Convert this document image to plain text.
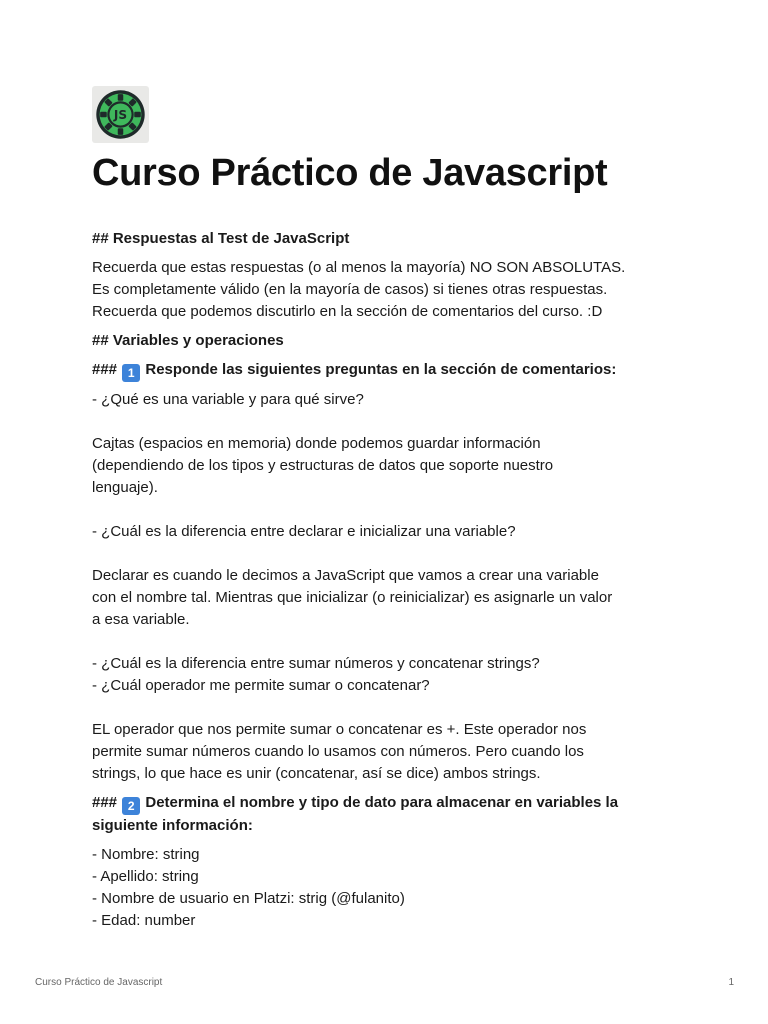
JS
Curso Práctico de Javascript

## Respuestas al Test de JavaScript

Recuerda que estas respuestas (o al menos la mayoría) NO SON ABSOLUTAS.

Es completamente válido (en la mayoría de casos) si tienes otras respuestas.

Recuerda que podemos discutirlo en la sección de comentarios del curso. :D

## Variables y operaciones

### 1 Responde las siguientes preguntas en la sección de comentarios:

- ¿Qué es una variable y para qué sirve?

Cajtas (espacios en memoria) donde podemos guardar información

(dependiendo de los tipos y estructuras de datos que soporte nuestro

lenguaje).

- ¿Cuál es la diferencia entre declarar e inicializar una variable?

Declarar es cuando le decimos a JavaScript que vamos a crear una variable

con el nombre tal. Mientras que inicializar (o reinicializar) es asignarle un valor

a esa variable.

- ¿Cuál es la diferencia entre sumar números y concatenar strings?

- ¿Cuál operador me permite sumar o concatenar?

EL operador que nos permite sumar o concatenar es +. Este operador nos

permite sumar números cuando lo usamos con números. Pero cuando los

strings, lo que hace es unir (concatenar, así se dice) ambos strings.

### 2 Determina el nombre y tipo de dato para almacenar en variables la

siguiente información:

- Nombre: string

- Apellido: string

- Nombre de usuario en Platzi: strig (@fulanito)

- Edad: number

Curso Práctico de Javascript	1
